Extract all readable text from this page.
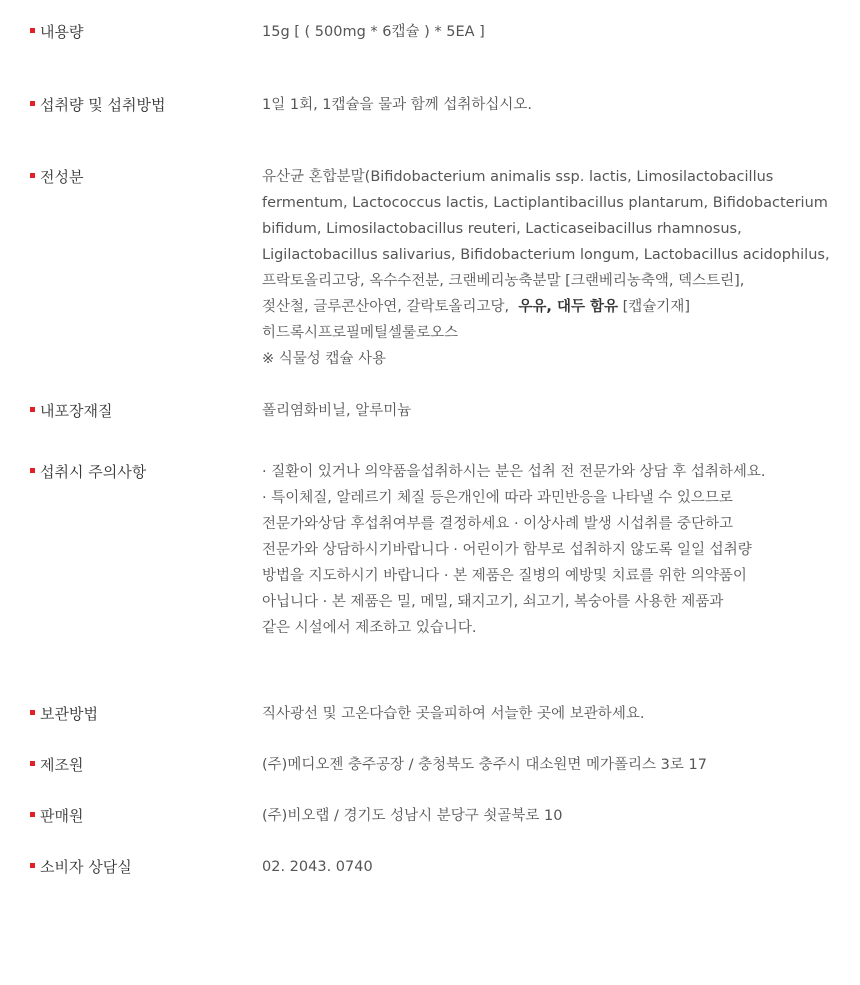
내용량	15g [ ( 500mg * 6캡슐 ) * 5EA ]
섭취량 및 섭취방법	1일 1회, 1캡슐을 물과 함께 섭취하십시오.
전성분	유산균 혼합분말(Bifidobacterium animalis ssp. lactis, Limosilactobacillus
fermentum, Lactococcus lactis, Lactiplantibacillus plantarum, Bifidobacterium
bifidum, Limosilactobacillus reuteri, Lacticaseibacillus rhamnosus,
Ligilactobacillus salivarius, Bifidobacterium longum, Lactobacillus acidophilus,
프락토올리고당, 옥수수전분, 크랜베리농축분말 [크랜베리농축액, 덱스트린],
젖산철, 글루콘산아연, 갈락토올리고당, 우유, 대두 함유 [캡슐기재]
히드록시프로필메틸셀룰로오스
※ 식물성 캡슐 사용
내포장재질	폴리염화비닐, 알루미늄
섭취시 주의사항	· 질환이 있거나 의약품을섭취하시는 분은 섭취 전 전문가와 상담 후 섭취하세요.
· 특이체질, 알레르기 체질 등은개인에 따라 과민반응을 나타낼 수 있으므로
전문가와상담 후섭취여부를 결정하세요 · 이상사례 발생 시섭취를 중단하고
전문가와 상담하시기바랍니다 · 어린이가 함부로 섭취하지 않도록 일일 섭취량
방법을 지도하시기 바랍니다 · 본 제품은 질병의 예방및 치료를 위한 의약품이
아닙니다 · 본 제품은 밀, 메밀, 돼지고기, 쇠고기, 복숭아를 사용한 제품과
같은 시설에서 제조하고 있습니다.
보관방법	직사광선 및 고온다습한 곳을피하여 서늘한 곳에 보관하세요.
제조원	(주)메디오젠 충주공장 / 충청북도 충주시 대소원면 메가폴리스 3로 17
판매원	(주)비오랩 / 경기도 성남시 분당구 쇳골북로 10
소비자 상담실	02. 2043. 0740
